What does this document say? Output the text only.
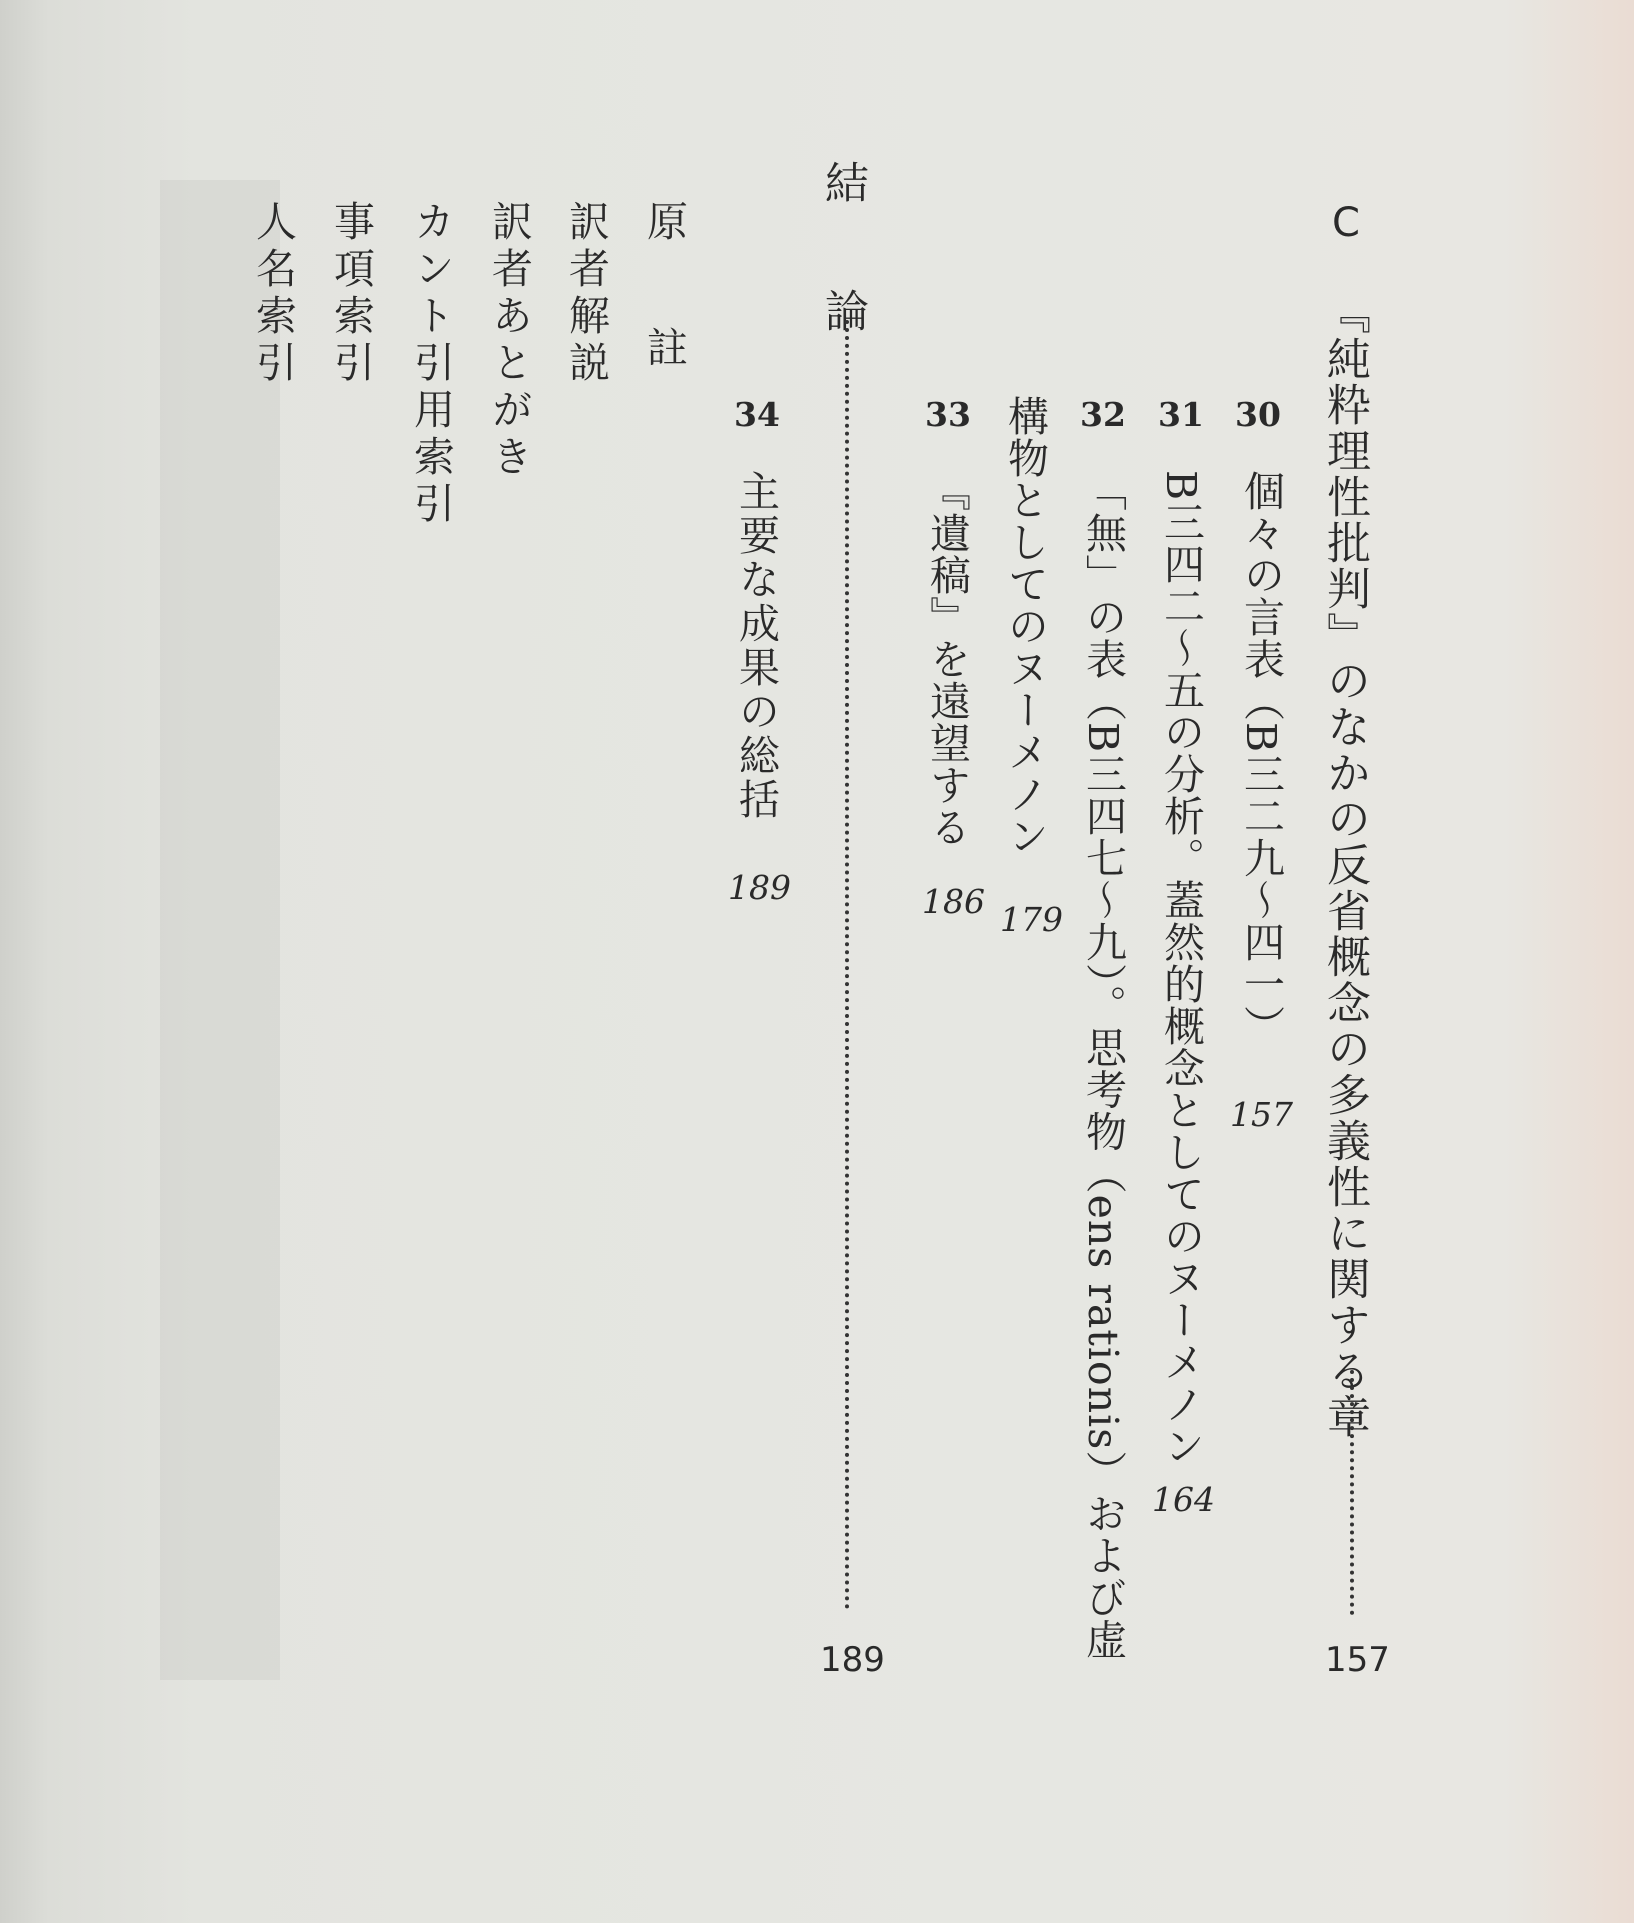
C
『純粋理性批判』のなかの反省概念の多義性に関する章
157
30
個々の言表（B三二九〜四一）
157
31
B三四二〜五の分析。蓋然的概念としてのヌーメノン
164
32
「無」の表（B三四七〜九）。思考物（ens rationis）および虚
構物としてのヌーメノン
179
33
『遺稿』を遠望する
186
結　論
189
34
主要な成果の総括
189
原　註
訳者解説
訳者あとがき
カント引用索引
事項索引
人名索引
